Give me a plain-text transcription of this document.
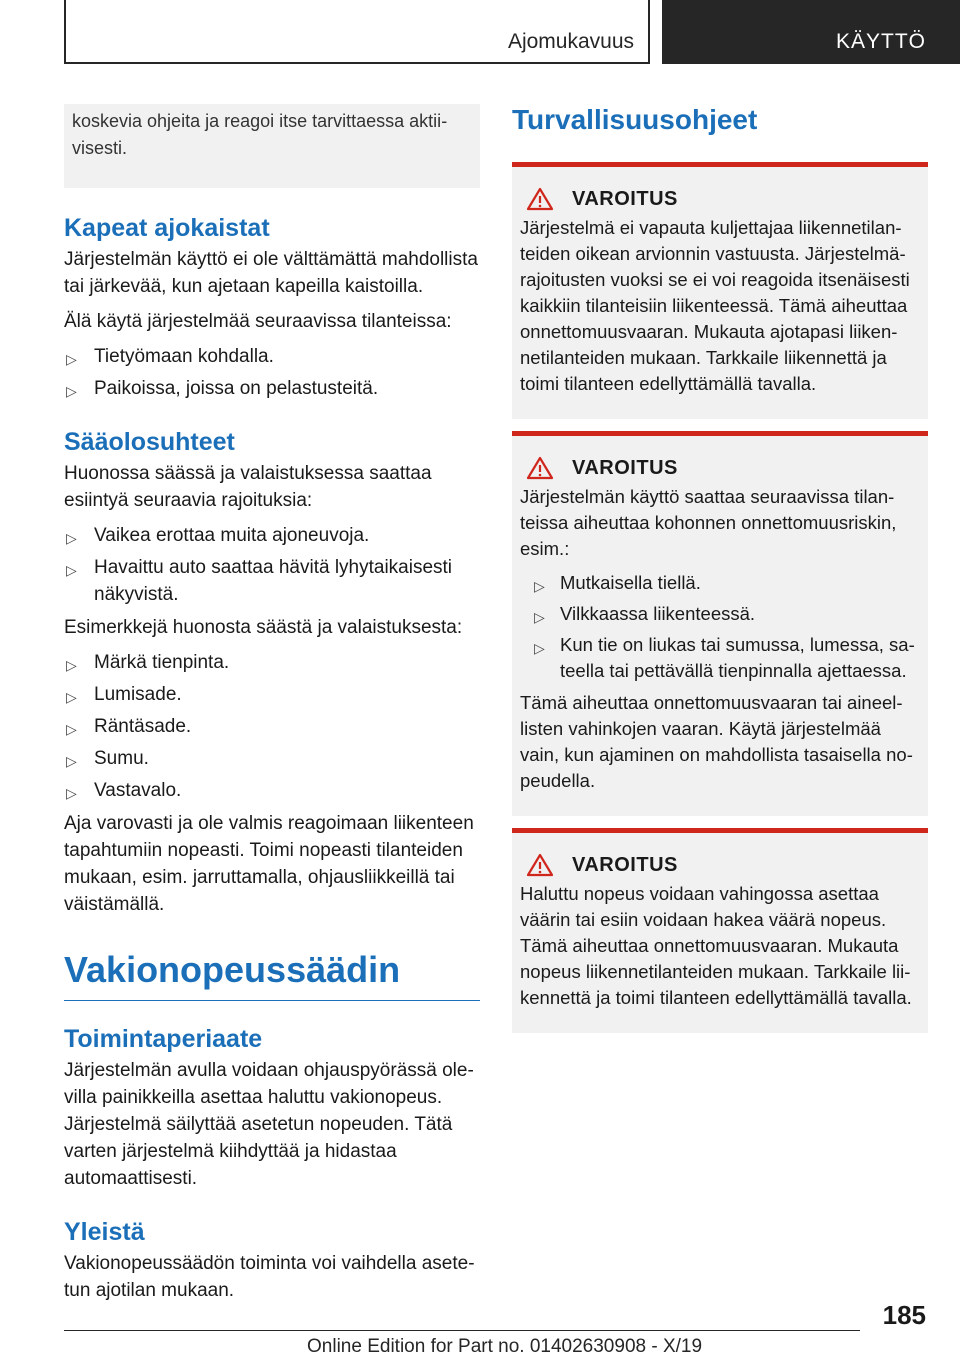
Ajomukavuus	KÄYTTÖ
koskevia ohjeita ja reagoi itse tarvittaessa aktiivisesti.
Kapeat ajokaistat

Järjestelmän käyttö ei ole välttämättä mahdollista tai järkevää, kun ajetaan kapeilla kaistoilla.

Älä käytä järjestelmää seuraavissa tilanteissa:

▷ Tietyömaan kohdalla.
▷ Paikoissa, joissa on pelastusteitä.
Sääolosuhteet

Huonossa säässä ja valaistuksessa saattaa esiintyä seuraavia rajoituksia:

▷ Vaikea erottaa muita ajoneuvoja.
▷ Havaittu auto saattaa hävitä lyhytaikaisesti näkyvistä.

Esimerkkejä huonosta säästä ja valaistuksesta:

▷ Märkä tienpinta.
▷ Lumisade.
▷ Räntäsade.
▷ Sumu.
▷ Vastavalo.

Aja varovasti ja ole valmis reagoimaan liikenteen tapahtumiin nopeasti. Toimi nopeasti tilanteiden mukaan, esim. jarruttamalla, ohjausliikkeillä tai väistämällä.

Vakionopeussäädin
Toimintaperiaate

Järjestelmän avulla voidaan ohjauspyörässä olevilla painikkeilla asettaa haluttu vakionopeus. Järjestelmä säilyttää asetetun nopeuden. Tätä varten järjestelmä kiihdyttää ja hidastaa automaattisesti.

Yleistä

Vakionopeussäädön toiminta voi vaihdella asetetun ajotilan mukaan.

Turvallisuusohjeet
VAROITUS

Järjestelmä ei vapauta kuljettajaa liikennetilanteiden oikean arvionnin vastuusta. Järjestelmärajoitusten vuoksi se ei voi reagoida itsenäisesti kaikkiin tilanteisiin liikenteessä. Tämä aiheuttaa onnettomuusvaaran. Mukauta ajotapasi liikennetilanteiden mukaan. Tarkkaile liikennettä ja toimi tilanteen edellyttämällä tavalla.

VAROITUS

Järjestelmän käyttö saattaa seuraavissa tilanteissa aiheuttaa kohonnen onnettomuusriskin, esim.:

▷ Mutkaisella tiellä.
▷ Vilkkaassa liikenteessä.
▷ Kun tie on liukas tai sumussa, lumessa, sateella tai pettävällä tienpinnalla ajettaessa.

Tämä aiheuttaa onnettomuusvaaran tai aineellisten vahinkojen vaaran. Käytä järjestelmää vain, kun ajaminen on mahdollista tasaisella nopeudella.

VAROITUS

Haluttu nopeus voidaan vahingossa asettaa väärin tai esiin voidaan hakea väärä nopeus. Tämä aiheuttaa onnettomuusvaaran. Mukauta nopeus liikennetilanteiden mukaan. Tarkkaile liikennettä ja toimi tilanteen edellyttämällä tavalla.

185
Online Edition for Part no. 01402630908 - X/19
